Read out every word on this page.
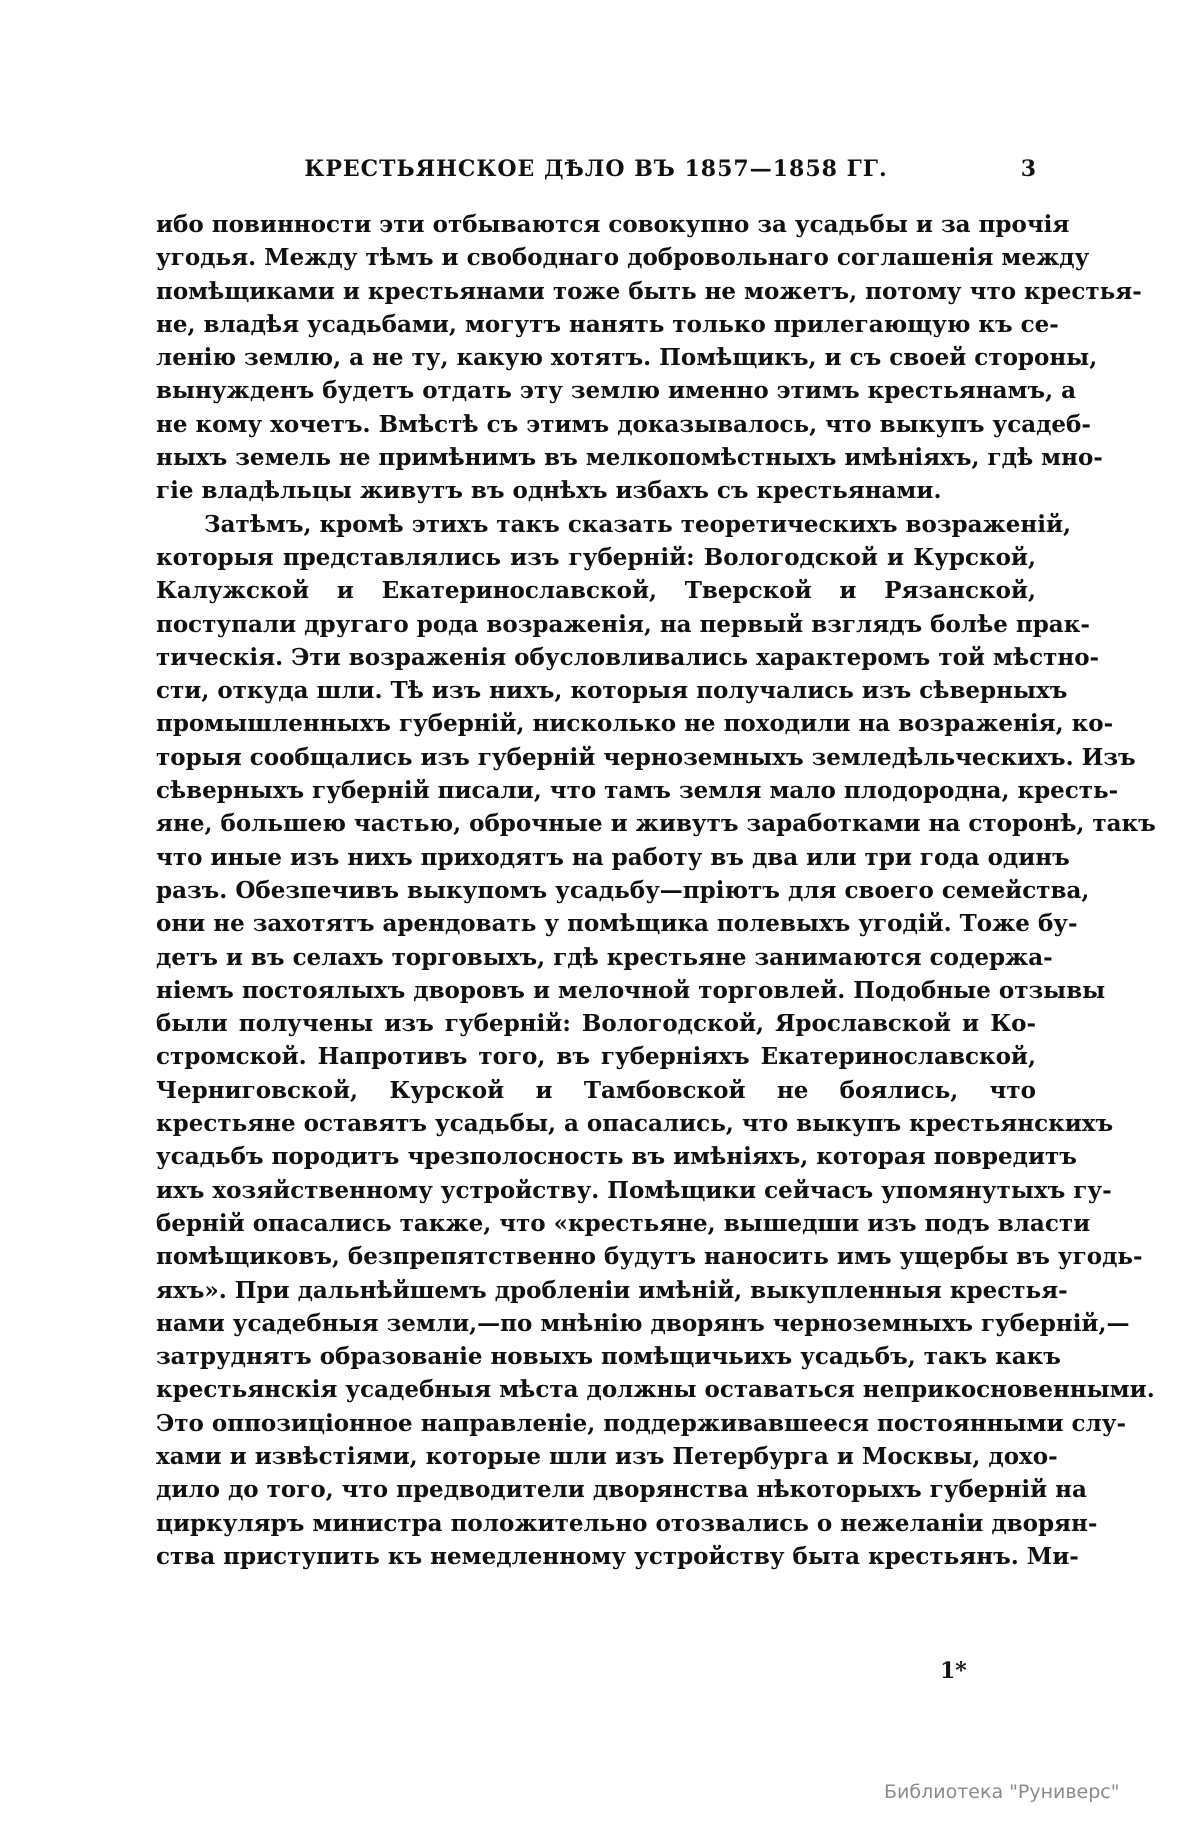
КРЕСТЬЯНСКОЕ ДѢЛО ВЪ 1857—1858 ГГ.	3
ибо повинности эти отбываются совокупно за усадьбы и за прочія
угодья. Между тѣмъ и свободнаго добровольнаго соглашенія между
помѣщиками и крестьянами тоже быть не можетъ, потому что крестья-
не, владѣя усадьбами, могутъ нанять только прилегающую къ се-
ленію землю, а не ту, какую хотятъ. Помѣщикъ, и съ своей стороны,
вынужденъ будетъ отдать эту землю именно этимъ крестьянамъ, а
не кому хочетъ. Вмѣстѣ съ этимъ доказывалось, что выкупъ усадеб-
ныхъ земель не примѣнимъ въ мелкопомѣстныхъ имѣніяхъ, гдѣ мно-
гіе владѣльцы живутъ въ однѣхъ избахъ съ крестьянами.
Затѣмъ, кромѣ этихъ такъ сказать теоретическихъ возраженій,
которыя представлялись изъ губерній: Вологодской и Курской,
Калужской и Екатеринославской, Тверской и Рязанской,
поступали другаго рода возраженія, на первый взглядъ болѣе прак-
тическія. Эти возраженія обусловливались характеромъ той мѣстно-
сти, откуда шли. Тѣ изъ нихъ, которыя получались изъ сѣверныхъ
промышленныхъ губерній, нисколько не походили на возраженія, ко-
торыя сообщались изъ губерній черноземныхъ земледѣльческихъ. Изъ
сѣверныхъ губерній писали, что тамъ земля мало плодородна, кресть-
яне, большею частью, оброчные и живутъ заработками на сторонѣ, такъ
что иные изъ нихъ приходятъ на работу въ два или три года одинъ
разъ. Обезпечивъ выкупомъ усадьбу—пріютъ для своего семейства,
они не захотятъ арендовать у помѣщика полевыхъ угодій. Тоже бу-
детъ и въ селахъ торговыхъ, гдѣ крестьяне занимаются содержа-
ніемъ постоялыхъ дворовъ и мелочной торговлей. Подобные отзывы
были получены изъ губерній: Вологодской, Ярославской и Ко-
стромской. Напротивъ того, въ губерніяхъ Екатеринославской,
Черниговской, Курской и Тамбовской не боялись, что
крестьяне оставятъ усадьбы, а опасались, что выкупъ крестьянскихъ
усадьбъ породитъ чрезполосность въ имѣніяхъ, которая повредитъ
ихъ хозяйственному устройству. Помѣщики сейчасъ упомянутыхъ гу-
берній опасались также, что «крестьяне, вышедши изъ подъ власти
помѣщиковъ, безпрепятственно будутъ наносить имъ ущербы въ угодь-
яхъ». При дальнѣйшемъ дробленіи имѣній, выкупленныя крестья-
нами усадебныя земли,—по мнѣнію дворянъ черноземныхъ губерній,—
затруднятъ образованіе новыхъ помѣщичьихъ усадьбъ, такъ какъ
крестьянскія усадебныя мѣста должны оставаться неприкосновенными.
Это оппозиціонное направленіе, поддерживавшееся постоянными слу-
хами и извѣстіями, которые шли изъ Петербурга и Москвы, дохо-
дило до того, что предводители дворянства нѣкоторыхъ губерній на
циркуляръ министра положительно отозвались о нежеланіи дворян-
ства приступить къ немедленному устройству быта крестьянъ. Ми-
1*
Библиотека "Руниверс"
